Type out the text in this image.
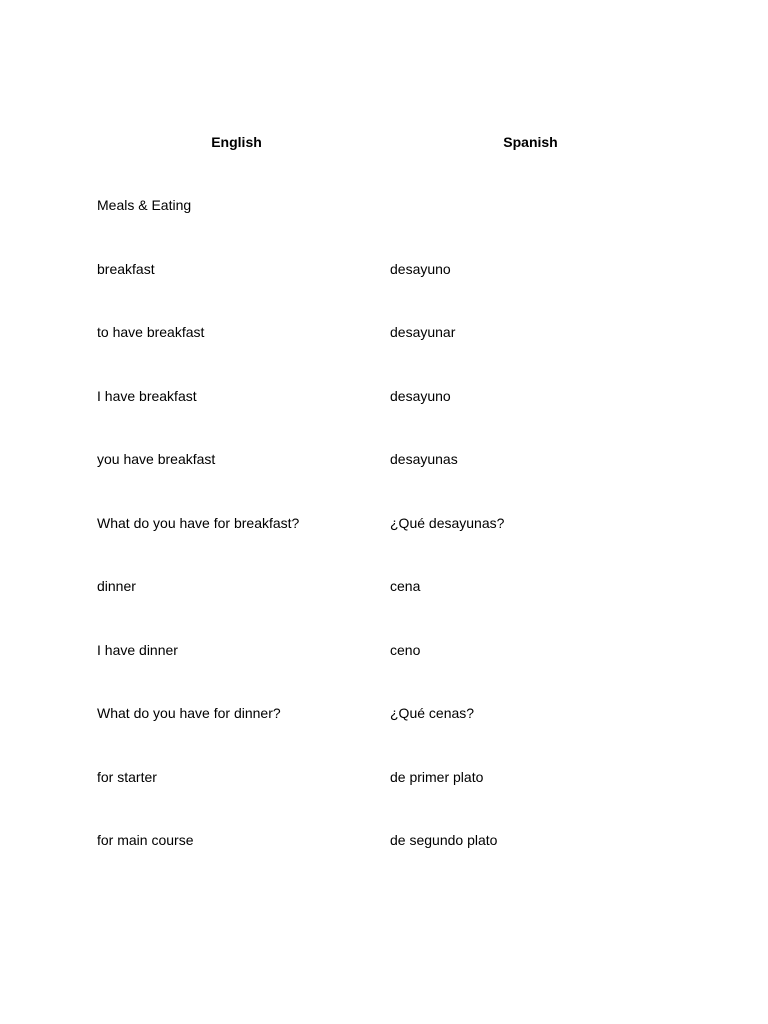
English	Spanish
Meals & Eating	
breakfast	desayuno
to have breakfast	desayunar
I have breakfast	desayuno
you have breakfast	desayunas
What do you have for breakfast?	¿Qué desayunas?
dinner	cena
I have dinner	ceno
What do you have for dinner?	¿Qué cenas?
for starter	de primer plato
for main course	de segundo plato
